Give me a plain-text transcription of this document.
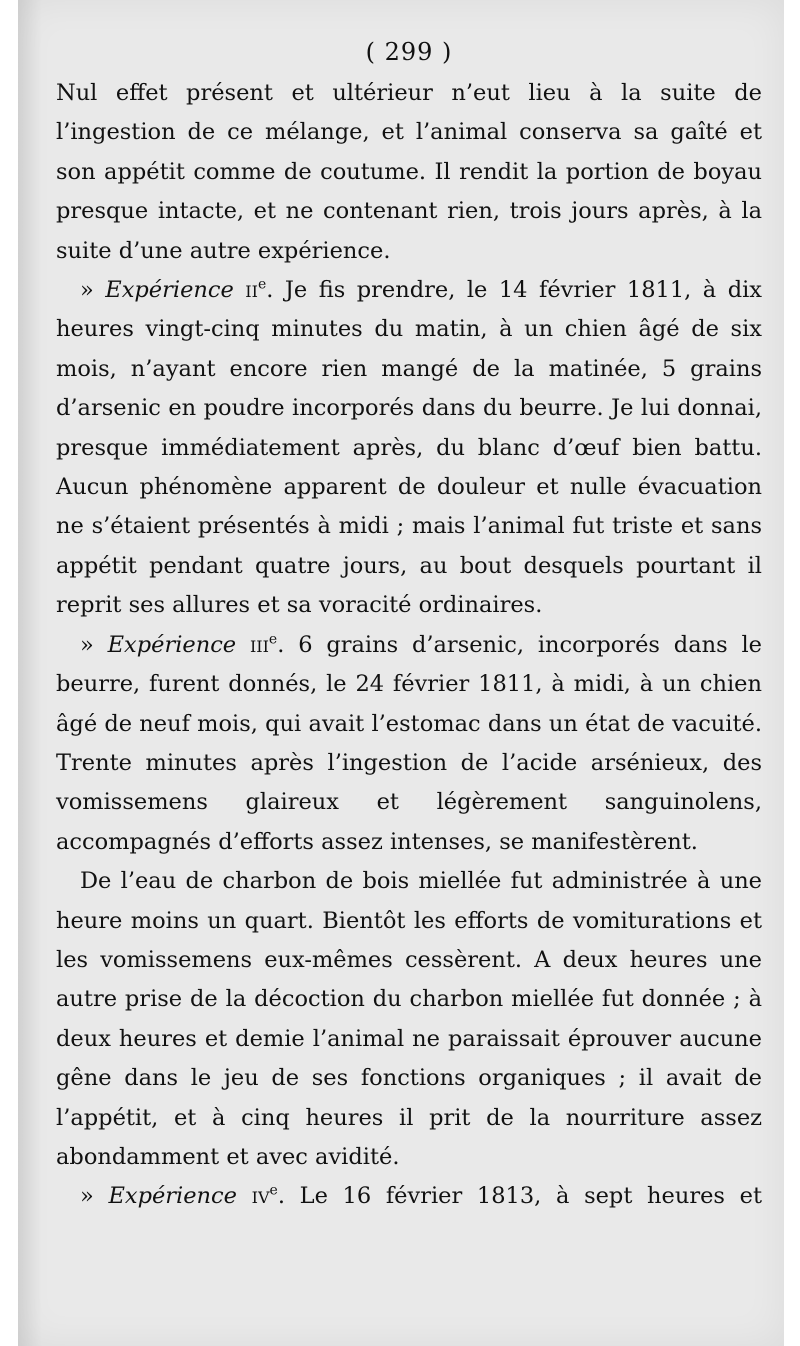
( 299 )

Nul effet présent et ultérieur n’eut lieu à la suite de l’ingestion de ce mélange, et l’animal conserva sa gaîté et son appétit comme de coutume. Il rendit la portion de boyau presque intacte, et ne contenant rien, trois jours après, à la suite d’une autre expérience.

» Expérience $ii^e$. Je fis prendre, le 14 février 1811, à dix heures vingt-cinq minutes du matin, à un chien âgé de six mois, n’ayant encore rien mangé de la matinée, 5 grains d’arsenic en poudre incorporés dans du beurre. Je lui donnai, presque immédiatement après, du blanc d’œuf bien battu. Aucun phénomène apparent de douleur et nulle évacuation ne s’étaient présentés à midi ; mais l’animal fut triste et sans appétit pendant quatre jours, au bout desquels pourtant il reprit ses allures et sa voracité ordinaires.

» Expérience iii$^e$. 6 grains d’arsenic, incorporés dans le beurre, furent donnés, le 24 février 1811, à midi, à un chien âgé de neuf mois, qui avait l’estomac dans un état de vacuité. Trente minutes après l’ingestion de l’acide arsénieux, des vomissemens glaireux et légèrement sanguinolens, accompagnés d’efforts assez intenses, se manifestèrent.

De l’eau de charbon de bois miellée fut administrée à une heure moins un quart. Bientôt les efforts de vomiturations et les vomissemens eux-mêmes cessèrent. A deux heures une autre prise de la décoction du charbon miellée fut donnée ; à deux heures et demie l’animal ne paraissait éprouver aucune gêne dans le jeu de ses fonctions organiques ; il avait de l’appétit, et à cinq heures il prit de la nourriture assez abondamment et avec avidité.

» Expérience $iv^e$. Le 16 février 1813, à sept heures et
